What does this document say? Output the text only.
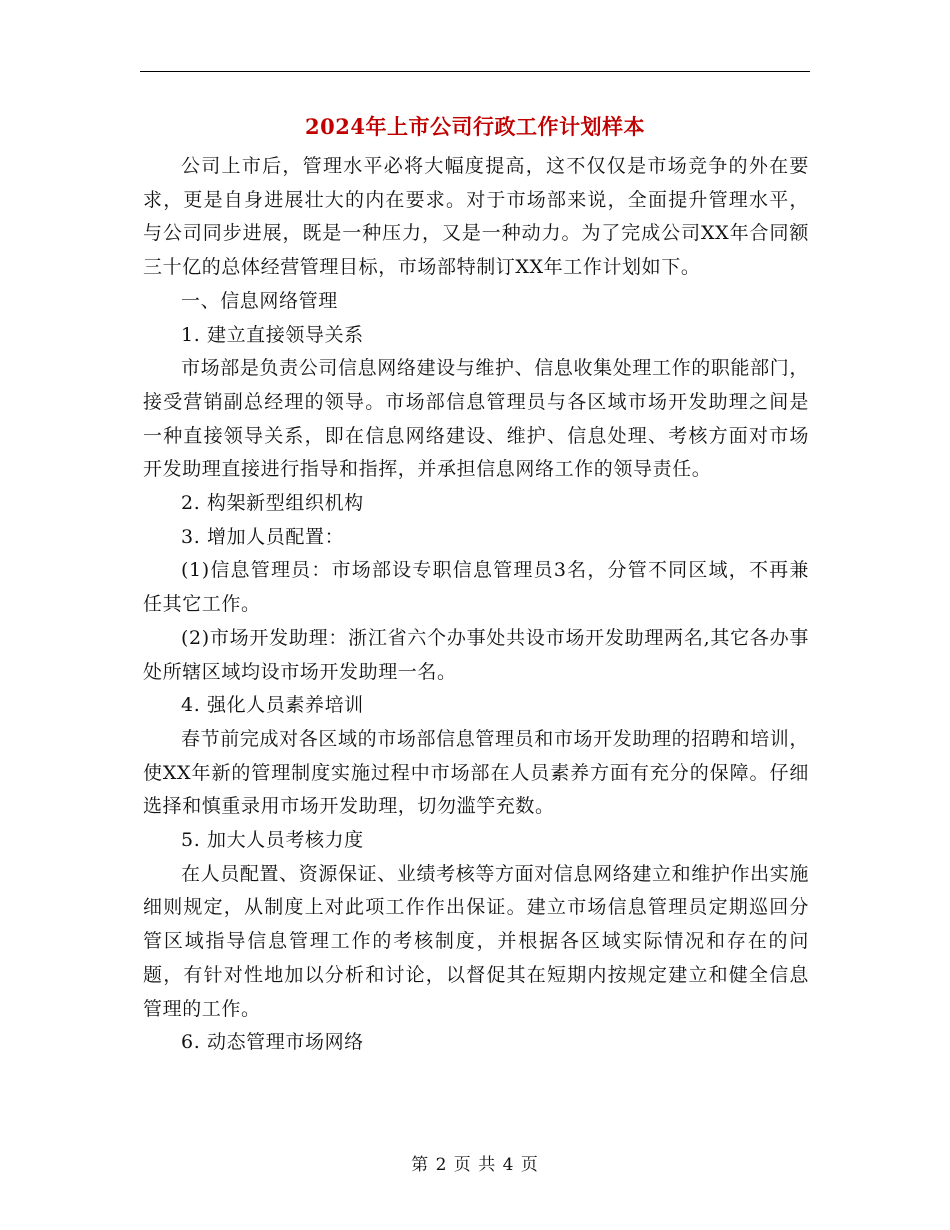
2024年上市公司行政工作计划样本

公司上市后，管理水平必将大幅度提高，这不仅仅是市场竞争的外在要求，更是自身进展壮大的内在要求。对于市场部来说，全面提升管理水平，与公司同步进展，既是一种压力，又是一种动力。为了完成公司XX年合同额三十亿的总体经营管理目标，市场部特制订XX年工作计划如下。

一、信息网络管理

1. 建立直接领导关系

市场部是负责公司信息网络建设与维护、信息收集处理工作的职能部门，接受营销副总经理的领导。市场部信息管理员与各区域市场开发助理之间是一种直接领导关系，即在信息网络建设、维护、信息处理、考核方面对市场开发助理直接进行指导和指挥，并承担信息网络工作的领导责任。

2. 构架新型组织机构

3. 增加人员配置：

(1)信息管理员：市场部设专职信息管理员3名，分管不同区域，不再兼任其它工作。

(2)市场开发助理：浙江省六个办事处共设市场开发助理两名,其它各办事处所辖区域均设市场开发助理一名。

4. 强化人员素养培训

春节前完成对各区域的市场部信息管理员和市场开发助理的招聘和培训，使XX年新的管理制度实施过程中市场部在人员素养方面有充分的保障。仔细选择和慎重录用市场开发助理，切勿滥竽充数。

5. 加大人员考核力度

在人员配置、资源保证、业绩考核等方面对信息网络建立和维护作出实施细则规定，从制度上对此项工作作出保证。建立市场信息管理员定期巡回分管区域指导信息管理工作的考核制度，并根据各区域实际情况和存在的问题，有针对性地加以分析和讨论，以督促其在短期内按规定建立和健全信息管理的工作。

6. 动态管理市场网络

第 2 页 共 4 页
